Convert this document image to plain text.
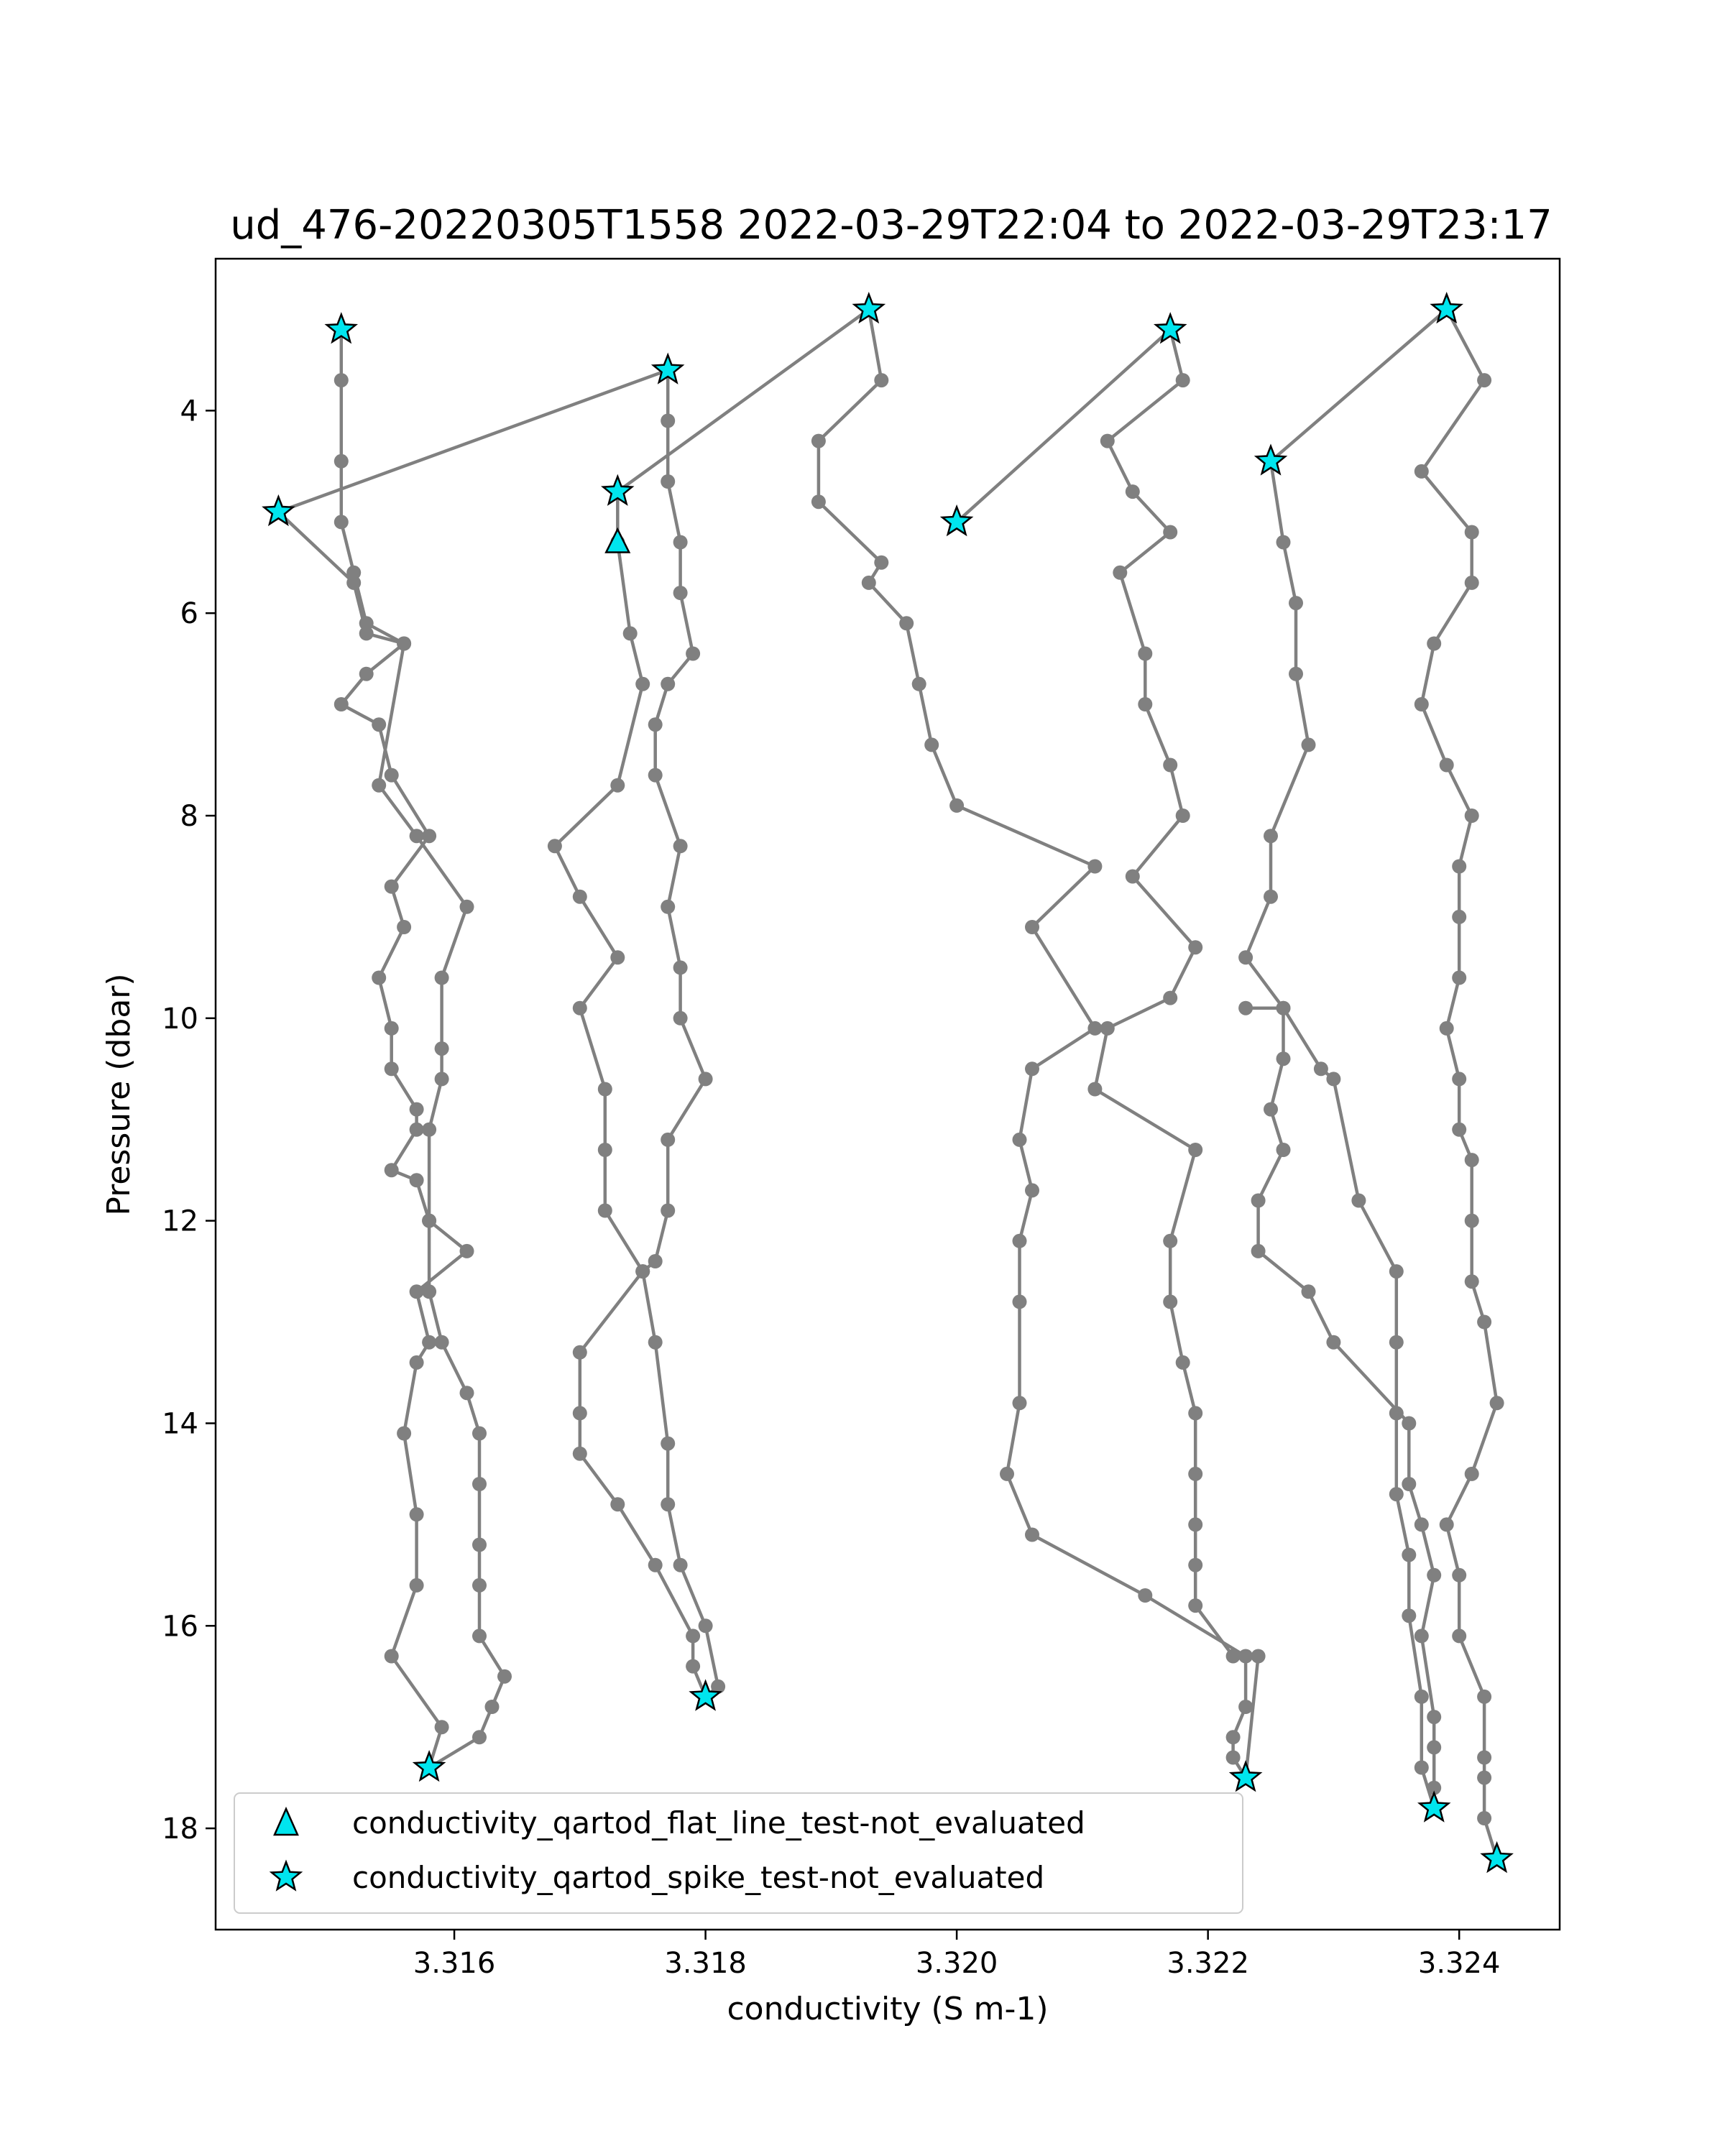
ud_476-20220305T1558 2022-03-29T22:04 to 2022-03-29T23:17
3.316	3.318	3.320	3.322	3.324
4
6
8
10
12
14
16
18
conductivity (S m-1)
Pressure (dbar)
conductivity_qartod_flat_line_test-not_evaluated
conductivity_qartod_spike_test-not_evaluated
